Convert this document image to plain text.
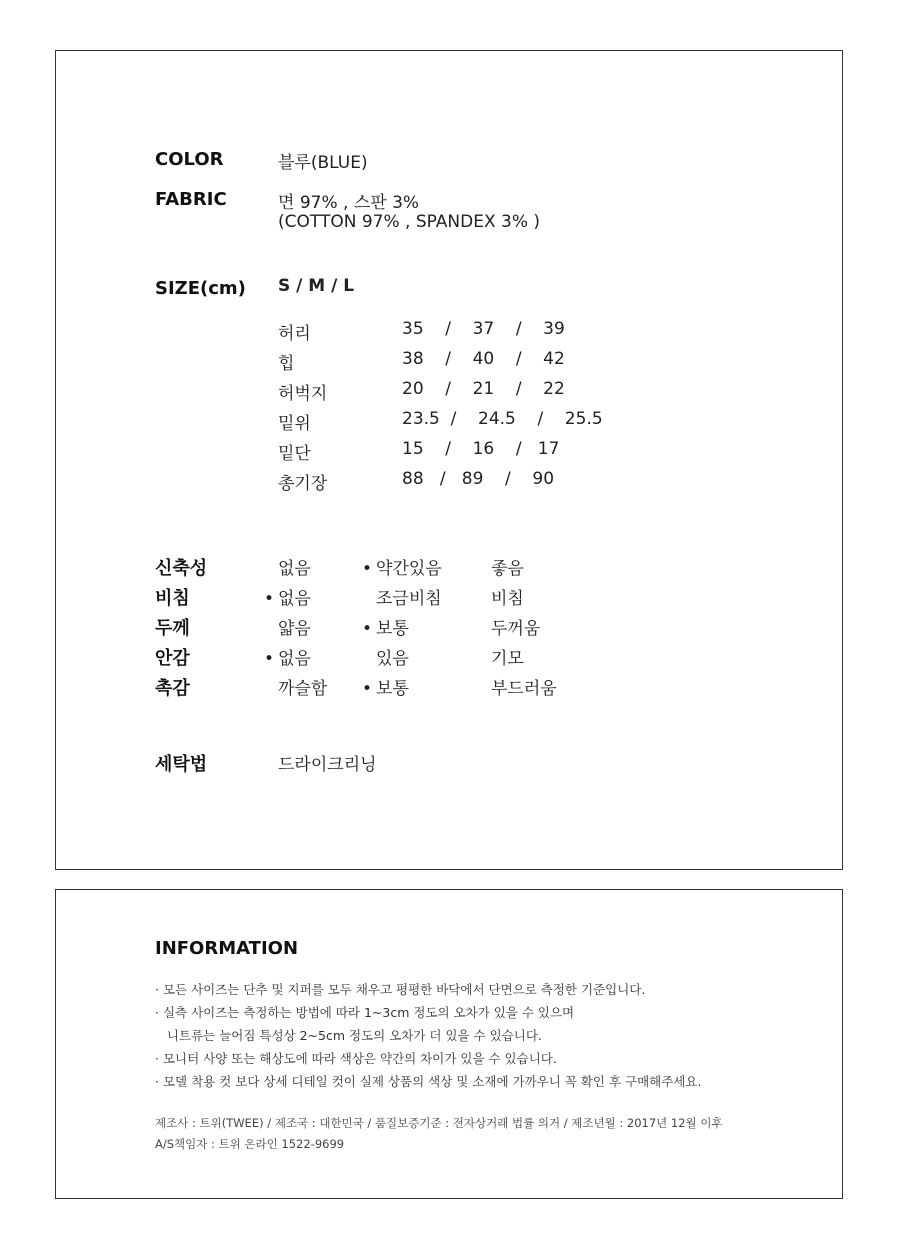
COLOR	블루(BLUE)
FABRIC	면 97% , 스판 3%
(COTTON 97% , SPANDEX 3% )
SIZE(cm) S / M / L
허리	35    /    37    /    39
힙	38    /    40    /    42
허벅지	20    /    21    /    22
밑위	23.5  /    24.5    /    25.5
밑단	15    /    16    /   17
총기장	88   /   89    /    90
신축성	없음	• 약간있음	좋음
비침	• 없음	조금비침	비침
두께	얇음	• 보통	두꺼움
안감	• 없음	있음	기모
촉감	까슬함	• 보통	부드러움
세탁법	드라이크리닝
INFORMATION
· 모든 사이즈는 단추 및 지퍼를 모두 채우고 평평한 바닥에서 단면으로 측정한 기준입니다.
· 실측 사이즈는 측정하는 방법에 따라 1~3cm 정도의 오차가 있을 수 있으며
니트류는 늘어짐 특성상 2~5cm 정도의 오차가 더 있을 수 있습니다.
· 모니터 사양 또는 해상도에 따라 색상은 약간의 차이가 있을 수 있습니다.
· 모델 착용 컷 보다 상세 디테일 컷이 실제 상품의 색상 및 소재에 가까우니 꼭 확인 후 구매해주세요.
제조사 : 트위(TWEE) / 제조국 : 대한민국 / 품질보증기준 : 전자상거래 법률 의거 / 제조년월 : 2017년 12월 이후
A/S책임자 : 트위 온라인 1522-9699
